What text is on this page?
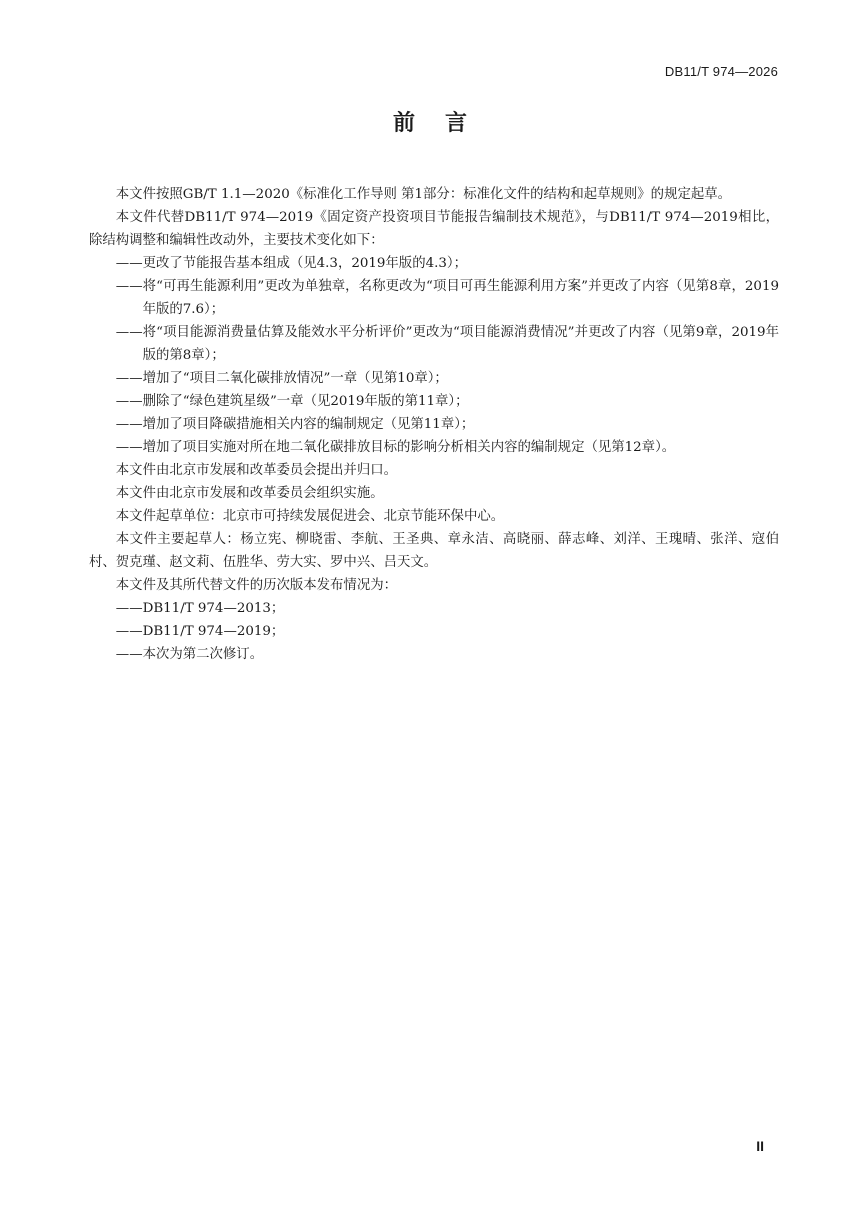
DB11/T 974—2026
前言

本文件按照GB/T 1.1—2020《标准化工作导则 第1部分：标准化文件的结构和起草规则》的规定起草。

本文件代替DB11/T 974—2019《固定资产投资项目节能报告编制技术规范》，与DB11/T 974—2019相比，除结构调整和编辑性改动外，主要技术变化如下：

——更改了节能报告基本组成（见4.3，2019年版的4.3）；

——将“可再生能源利用”更改为单独章，名称更改为“项目可再生能源利用方案”并更改了内容（见第8章，2019年版的7.6）；

——将“项目能源消费量估算及能效水平分析评价”更改为“项目能源消费情况”并更改了内容（见第9章，2019年版的第8章）；

——增加了“项目二氧化碳排放情况”一章（见第10章）；

——删除了“绿色建筑星级”一章（见2019年版的第11章）；

——增加了项目降碳措施相关内容的编制规定（见第11章）；

——增加了项目实施对所在地二氧化碳排放目标的影响分析相关内容的编制规定（见第12章）。

本文件由北京市发展和改革委员会提出并归口。

本文件由北京市发展和改革委员会组织实施。

本文件起草单位：北京市可持续发展促进会、北京节能环保中心。

本文件主要起草人：杨立宪、柳晓雷、李航、王圣典、章永洁、高晓丽、薛志峰、刘洋、王瑰晴、张洋、寇伯村、贺克瑾、赵文莉、伍胜华、劳大实、罗中兴、吕天文。

本文件及其所代替文件的历次版本发布情况为：

——DB11/T 974—2013；

——DB11/T 974—2019；

——本次为第二次修订。

II
